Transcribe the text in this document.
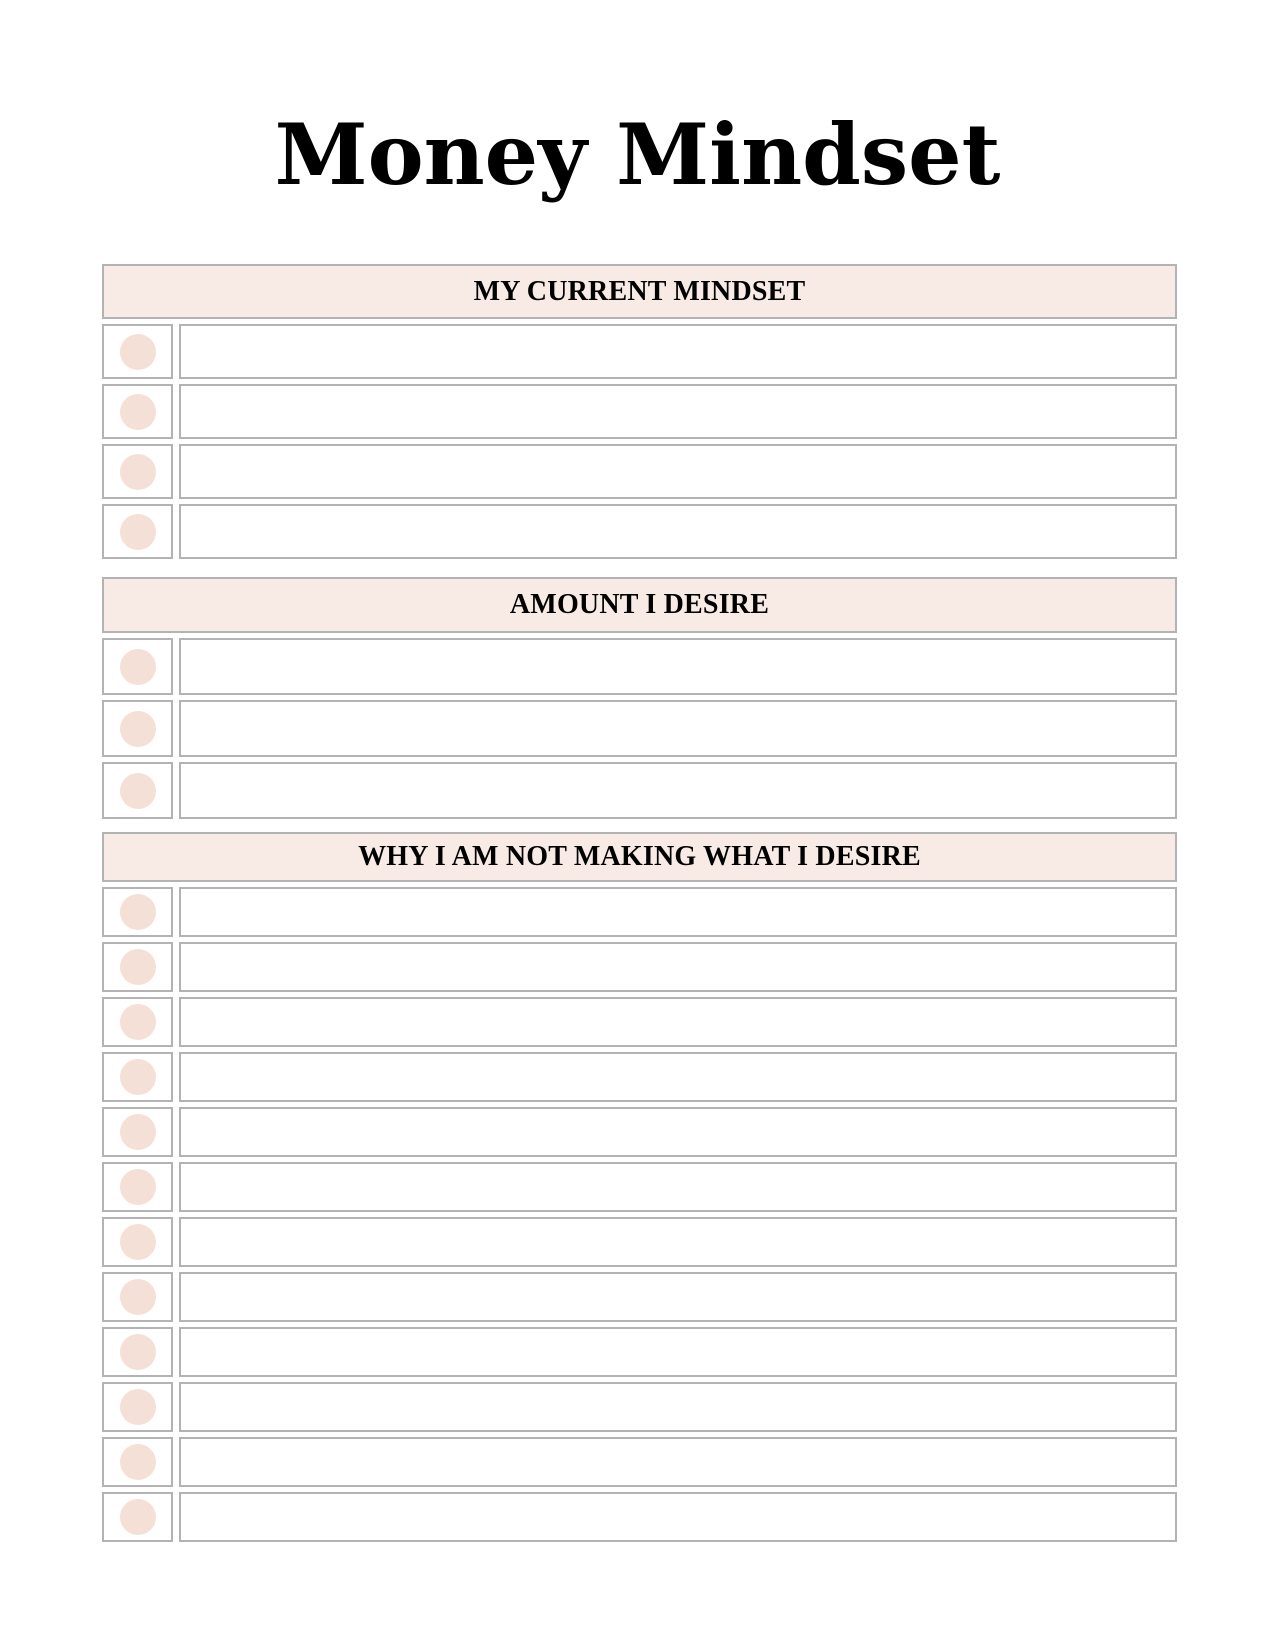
Money Mindset
MY CURRENT MINDSET
AMOUNT I DESIRE
WHY I AM NOT MAKING WHAT I DESIRE
